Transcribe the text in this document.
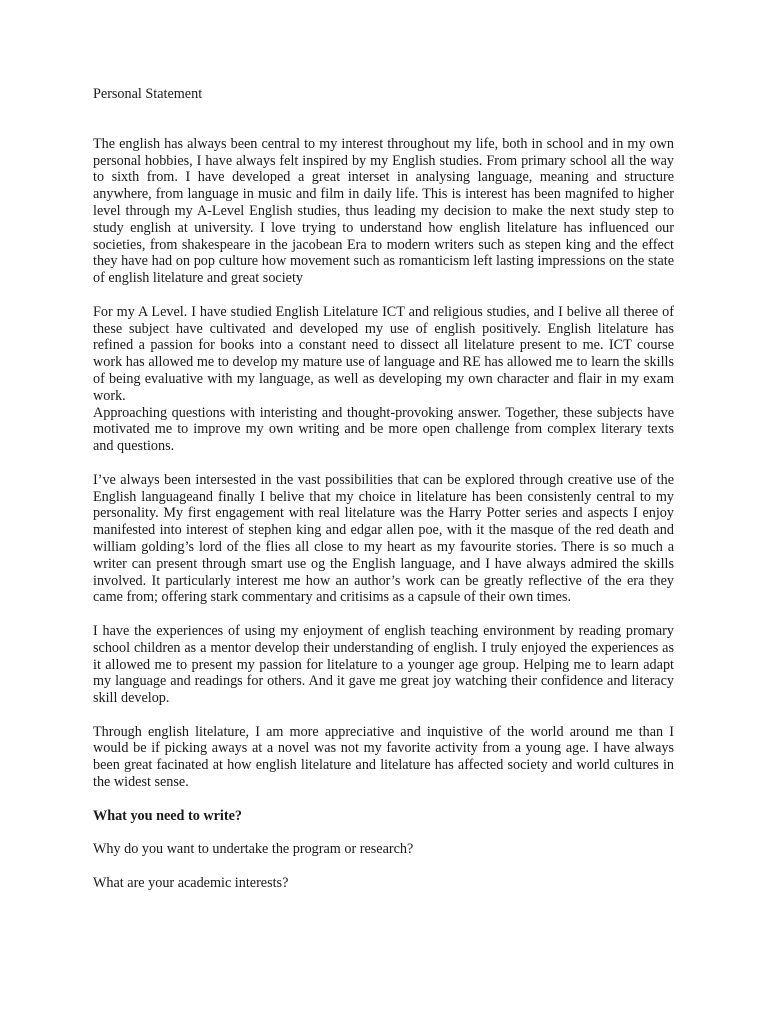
Personal Statement

The english has always been central to my interest throughout my life, both in school and in my own personal hobbies, I have always felt inspired by my English studies. From primary school all the way to sixth from. I have developed a great interset in analysing language, meaning and structure anywhere, from language in music and film in daily life. This is interest has been magnifed to higher level through my A-Level English studies, thus leading my decision to make the next study step to study english at university. I love trying to understand how english litelature has influenced our societies, from shakespeare in the jacobean Era to modern writers such as stepen king and the effect they have had on pop culture how movement such as romanticism left lasting impressions on the state of english litelature and great society

For my A Level. I have studied English Litelature ICT and religious studies, and I belive all theree of these subject have cultivated and developed my use of english positively. English litelature has refined a passion for books into a constant need to dissect all litelature present to me. ICT course work has allowed me to develop my mature use of language and RE has allowed me to learn the skills of being evaluative with my language, as well as developing my own character and flair in my exam work.

Approaching questions with interisting and thought-provoking answer. Together, these subjects have motivated me to improve my own writing and be more open challenge from complex literary texts and questions.

I’ve always been intersested in the vast possibilities that can be explored through creative use of the English languageand finally I belive that my choice in litelature has been consistenly central to my personality. My first engagement with real litelature was the Harry Potter series and aspects I enjoy manifested into interest of stephen king and edgar allen poe, with it the masque of the red death and william golding’s lord of the flies all close to my heart as my favourite stories. There is so much a writer can present through smart use og the English language, and I have always admired the skills involved. It particularly interest me how an author’s work can be greatly reflective of the era they came from; offering stark commentary and critisims as a capsule of their own times.

I have the experiences of using my enjoyment of english teaching environment by reading promary school children as a mentor develop their understanding of english. I truly enjoyed the experiences as it allowed me to present my passion for litelature to a younger age group. Helping me to learn adapt my language and readings for others. And it gave me great joy watching their confidence and literacy skill develop.

Through english litelature, I am more appreciative and inquistive of the world around me than I would be if picking aways at a novel was not my favorite activity from a young age. I have always been great facinated at how english litelature and litelature has affected society and world cultures in the widest sense.

What you need to write?
Why do you want to undertake the program or research?
What are your academic interests?
